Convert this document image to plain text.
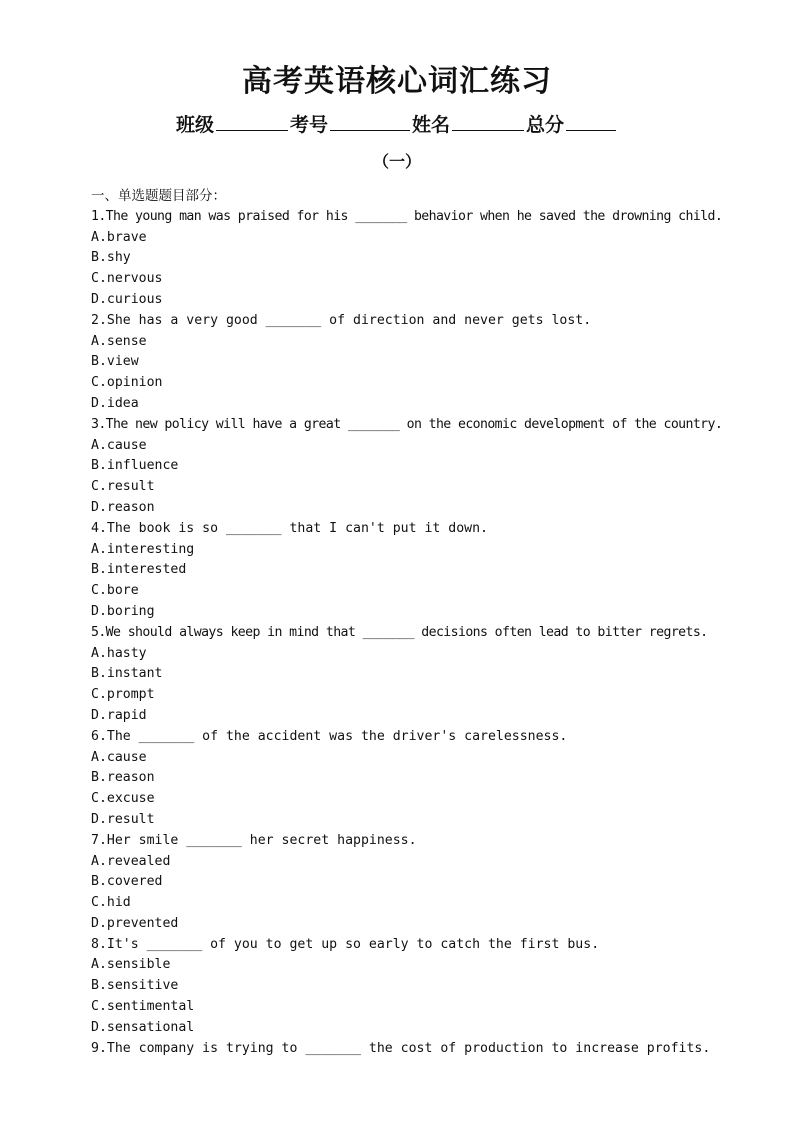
高考英语核心词汇练习
班级	考号	姓名	总分
（一）
一、单选题题目部分：
1.The young man was praised for his _______ behavior when he saved the drowning child.
A.brave
B.shy
C.nervous
D.curious
2.She has a very good _______ of direction and never gets lost.
A.sense
B.view
C.opinion
D.idea
3.The new policy will have a great _______ on the economic development of the country.
A.cause
B.influence
C.result
D.reason
4.The book is so _______ that I can't put it down.
A.interesting
B.interested
C.bore
D.boring
5.We should always keep in mind that _______ decisions often lead to bitter regrets.
A.hasty
B.instant
C.prompt
D.rapid
6.The _______ of the accident was the driver's carelessness.
A.cause
B.reason
C.excuse
D.result
7.Her smile _______ her secret happiness.
A.revealed
B.covered
C.hid
D.prevented
8.It's _______ of you to get up so early to catch the first bus.
A.sensible
B.sensitive
C.sentimental
D.sensational
9.The company is trying to _______ the cost of production to increase profits.
